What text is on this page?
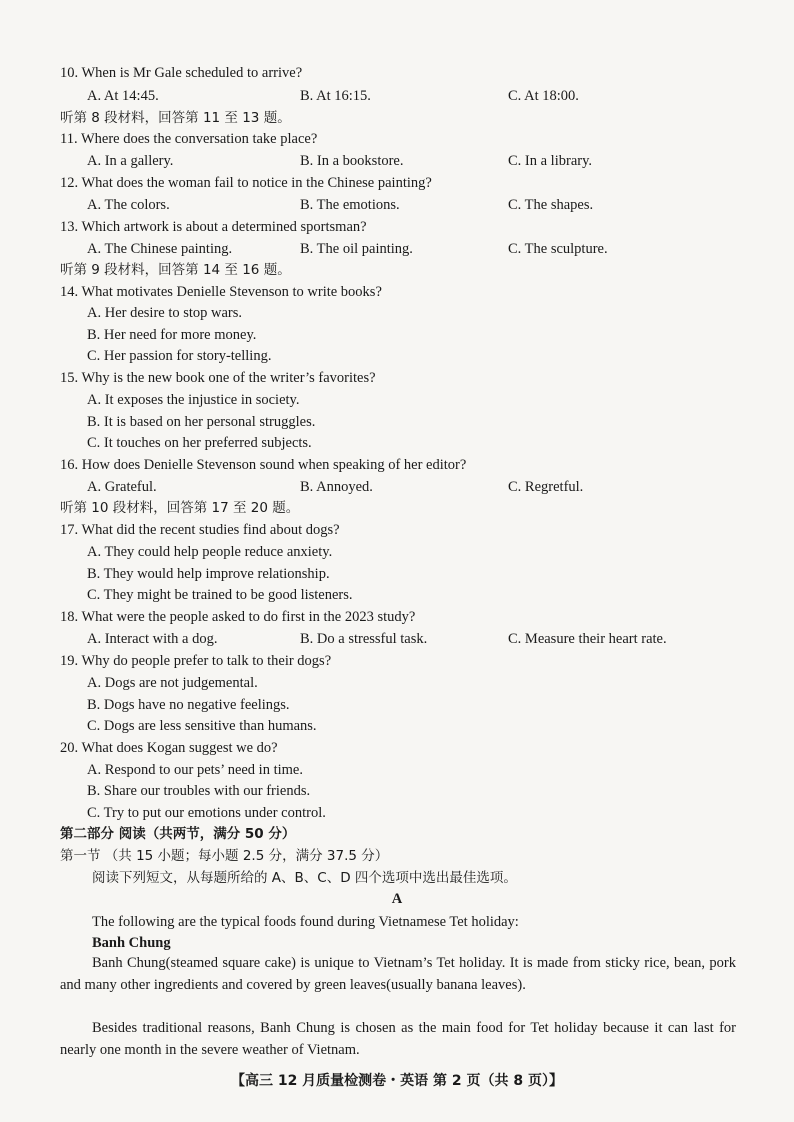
10. When is Mr Gale scheduled to arrive?
A. At 14:45.	B. At 16:15.	C. At 18:00.
听第 8 段材料，回答第 11 至 13 题。
11. Where does the conversation take place?
A. In a gallery.	B. In a bookstore.	C. In a library.
12. What does the woman fail to notice in the Chinese painting?
A. The colors.	B. The emotions.	C. The shapes.
13. Which artwork is about a determined sportsman?
A. The Chinese painting.	B. The oil painting.	C. The sculpture.
听第 9 段材料，回答第 14 至 16 题。
14. What motivates Denielle Stevenson to write books?
A. Her desire to stop wars.
B. Her need for more money.
C. Her passion for story-telling.
15. Why is the new book one of the writer’s favorites?
A. It exposes the injustice in society.
B. It is based on her personal struggles.
C. It touches on her preferred subjects.
16. How does Denielle Stevenson sound when speaking of her editor?
A. Grateful.	B. Annoyed.	C. Regretful.
听第 10 段材料，回答第 17 至 20 题。
17. What did the recent studies find about dogs?
A. They could help people reduce anxiety.
B. They would help improve relationship.
C. They might be trained to be good listeners.
18. What were the people asked to do first in the 2023 study?
A. Interact with a dog.	B. Do a stressful task.	C. Measure their heart rate.
19. Why do people prefer to talk to their dogs?
A. Dogs are not judgemental.
B. Dogs have no negative feelings.
C. Dogs are less sensitive than humans.
20. What does Kogan suggest we do?
A. Respond to our pets’ need in time.
B. Share our troubles with our friends.
C. Try to put our emotions under control.
第二部分 阅读（共两节，满分 50 分）
第一节 （共 15 小题；每小题 2.5 分，满分 37.5 分）
阅读下列短文，从每题所给的 A、B、C、D 四个选项中选出最佳选项。
A
The following are the typical foods found during Vietnamese Tet holiday:
Banh Chung
Banh Chung(steamed square cake) is unique to Vietnam’s Tet holiday. It is made from sticky rice, bean, pork and many other ingredients and covered by green leaves(usually banana leaves).
Besides traditional reasons, Banh Chung is chosen as the main food for Tet holiday because it can last for nearly one month in the severe weather of Vietnam.
【高三 12 月质量检测卷・英语 第 2 页（共 8 页）】
